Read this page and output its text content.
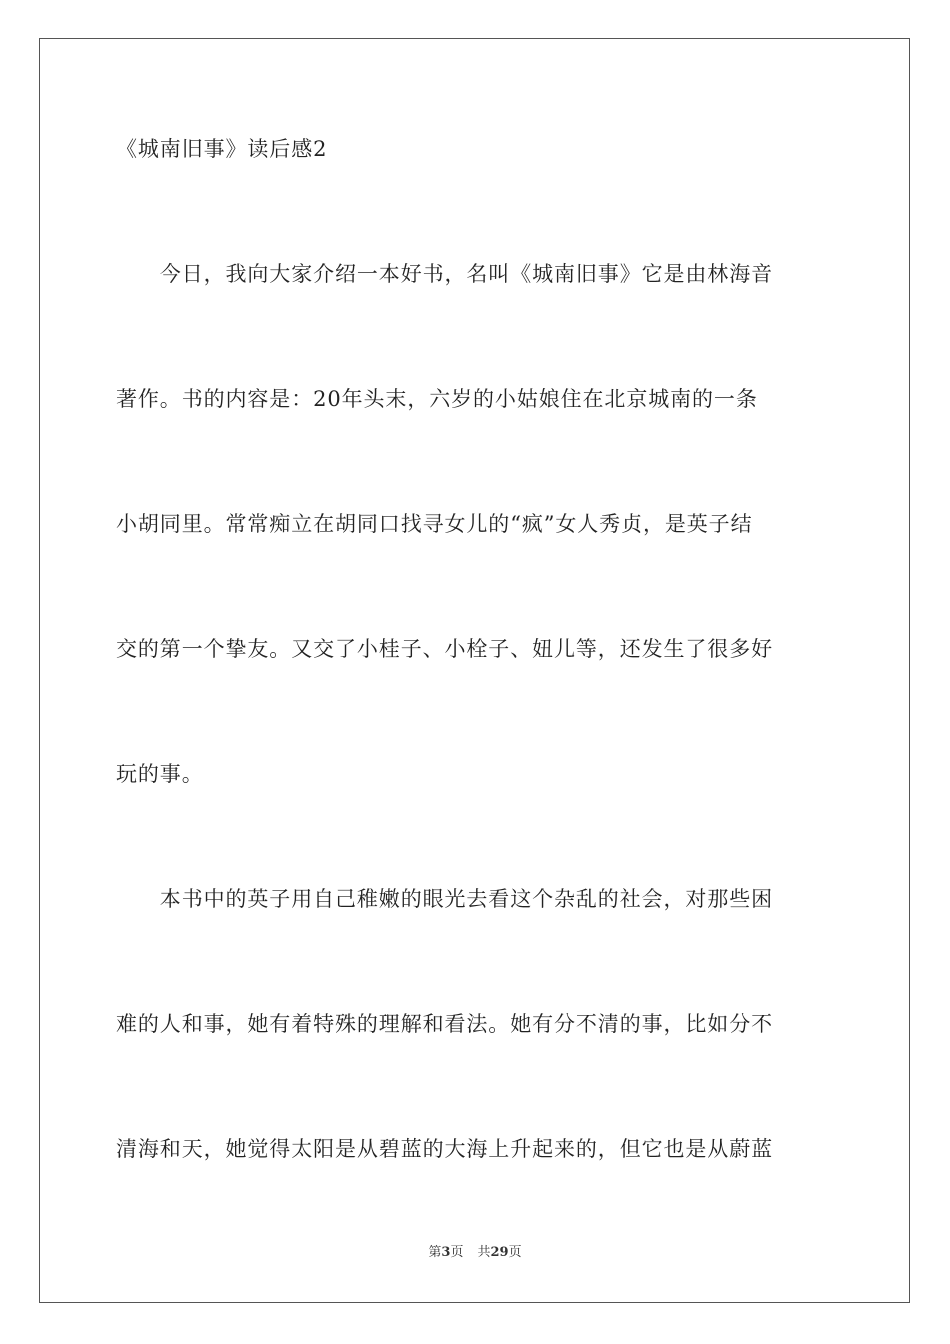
《城南旧事》读后感2
　　今日，我向大家介绍一本好书，名叫《城南旧事》它是由林海音
著作。书的内容是：20年头末，六岁的小姑娘住在北京城南的一条
小胡同里。常常痴立在胡同口找寻女儿的“疯”女人秀贞，是英子结
交的第一个挚友。又交了小桂子、小栓子、妞儿等，还发生了很多好
玩的事。
　　本书中的英子用自己稚嫩的眼光去看这个杂乱的社会，对那些困
难的人和事，她有着特殊的理解和看法。她有分不清的事，比如分不
清海和天，她觉得太阳是从碧蓝的大海上升起来的，但它也是从蔚蓝
第3页 共29页
